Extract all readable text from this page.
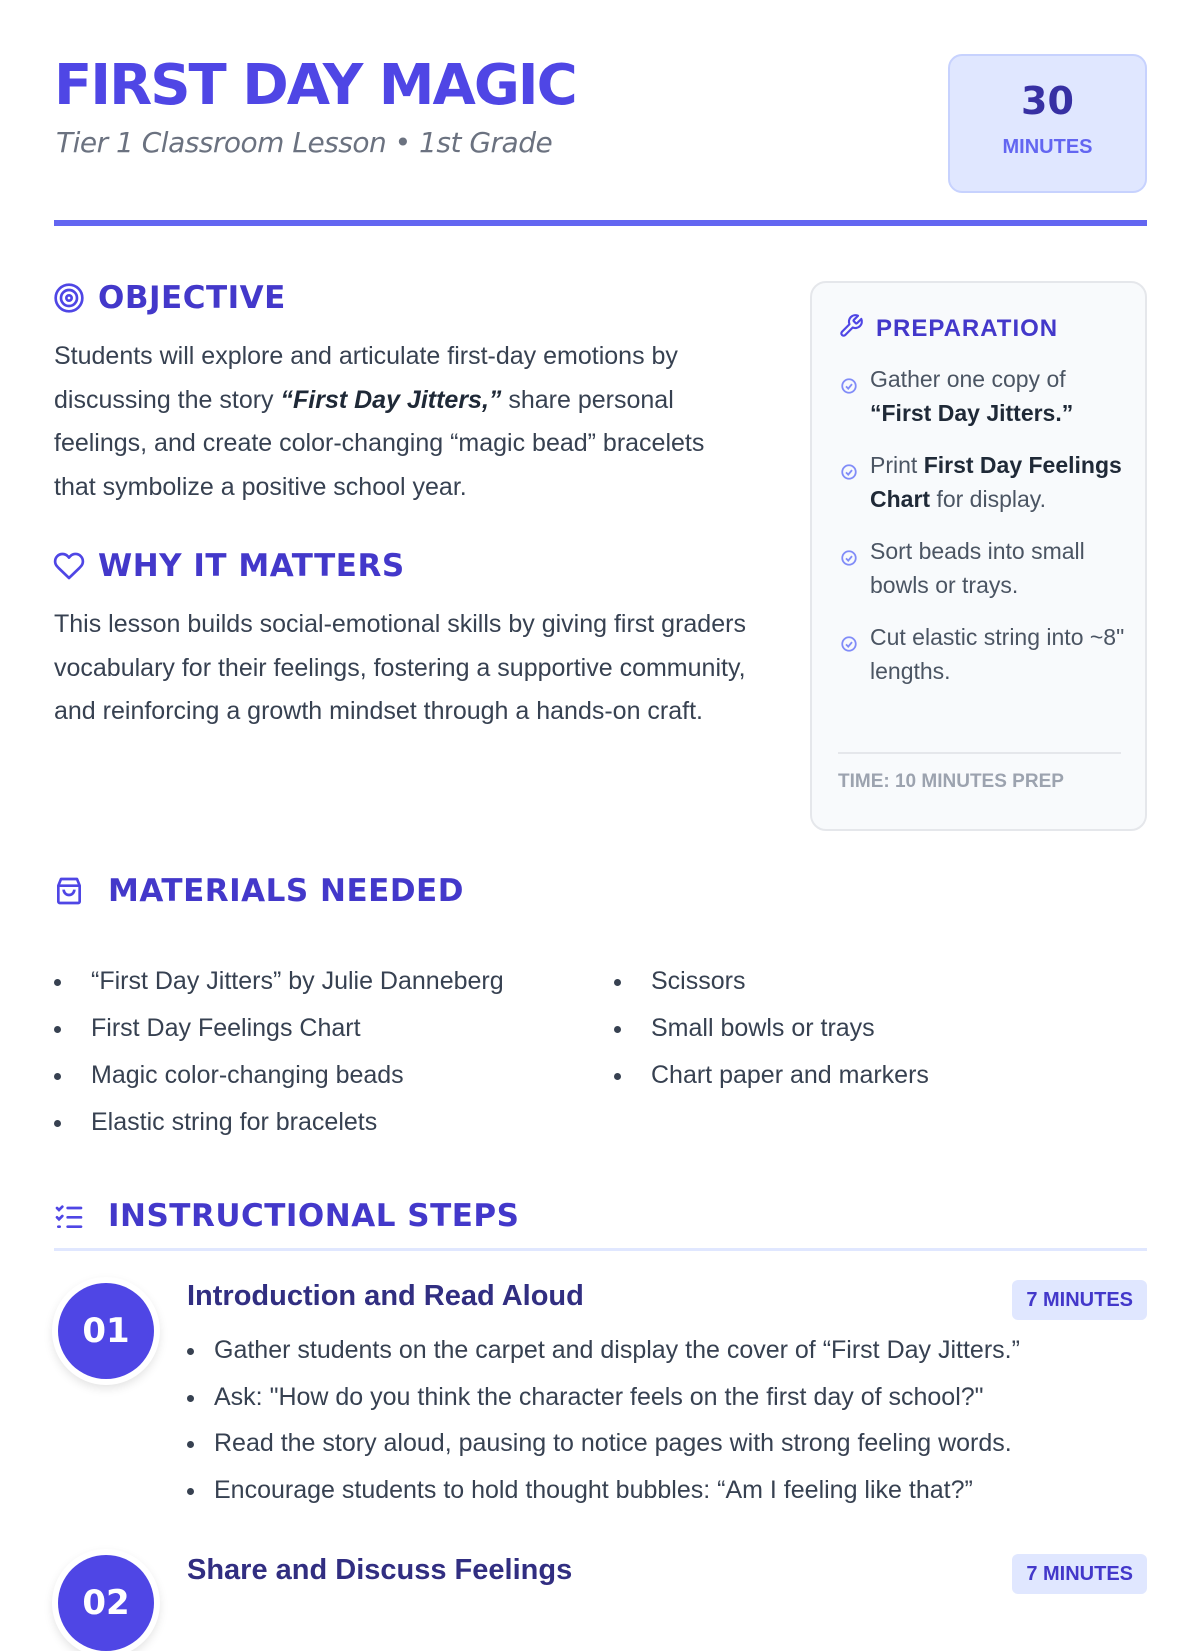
FIRST DAY MAGIC
Tier 1 Classroom Lesson • 1st Grade
30
MINUTES
OBJECTIVE

Students will explore and articulate first-day emotions by discussing the story “First Day Jitters,” share personal feelings, and create color-changing “magic bead” bracelets that symbolize a positive school year.

WHY IT MATTERS

This lesson builds social-emotional skills by giving first graders vocabulary for their feelings, fostering a supportive community, and reinforcing a growth mindset through a hands-on craft.

PREPARATION
Gather one copy of “First Day Jitters.”
Print First Day Feelings Chart for display.
Sort beads into small bowls or trays.
Cut elastic string into ~8" lengths.
TIME: 10 MINUTES PREP
MATERIALS NEEDED
“First Day Jitters” by Julie Danneberg
First Day Feelings Chart
Magic color-changing beads
Elastic string for bracelets
Scissors
Small bowls or trays
Chart paper and markers
INSTRUCTIONAL STEPS
01
Introduction and Read Aloud	7 MINUTES
Gather students on the carpet and display the cover of “First Day Jitters.”
Ask: "How do you think the character feels on the first day of school?"
Read the story aloud, pausing to notice pages with strong feeling words.
Encourage students to hold thought bubbles: “Am I feeling like that?”
02
Share and Discuss Feelings	7 MINUTES
